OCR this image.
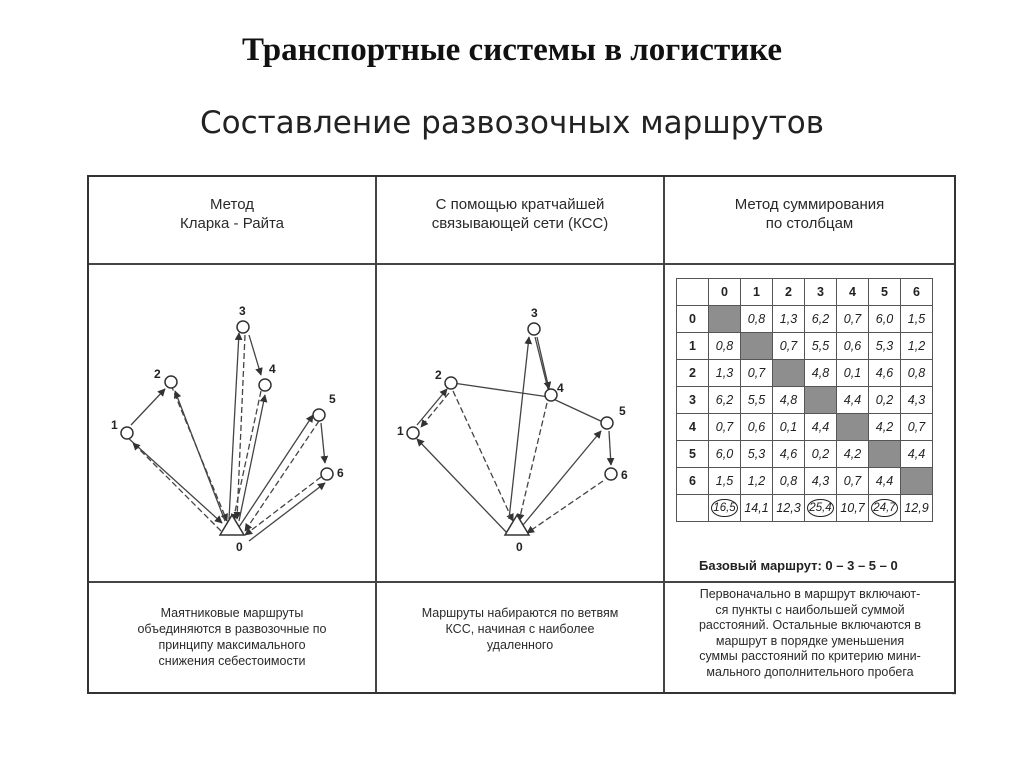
Транспортные системы в логистике
Составление развозочных маршрутов
Метод
Кларка - Райта
С помощью кратчайшей
связывающей сети (КСС)
Метод суммирования
по столбцам
0
1
2
3
4
5
6
0
1
2
3
4
5
6
	0	1	2	3	4	5	6
0		0,8	1,3	6,2	0,7	6,0	1,5
1	0,8		0,7	5,5	0,6	5,3	1,2
2	1,3	0,7		4,8	0,1	4,6	0,8
3	6,2	5,5	4,8		4,4	0,2	4,3
4	0,7	0,6	0,1	4,4		4,2	0,7
5	6,0	5,3	4,6	0,2	4,2		4,4
6	1,5	1,2	0,8	4,3	0,7	4,4	
	16,5	14,1	12,3	25,4	10,7	24,7	12,9
Базовый маршрут: 0 – 3 – 5 – 0
Маятниковые маршруты
объединяются в развозочные по
принципу максимального
снижения себестоимости
Маршруты набираются по ветвям
КСС, начиная с наиболее
удаленного
Первоначально в маршрут включают-
ся пункты с наибольшей суммой
расстояний. Остальные включаются в
маршрут в порядке уменьшения
суммы расстояний по критерию мини-
мального дополнительного пробега
